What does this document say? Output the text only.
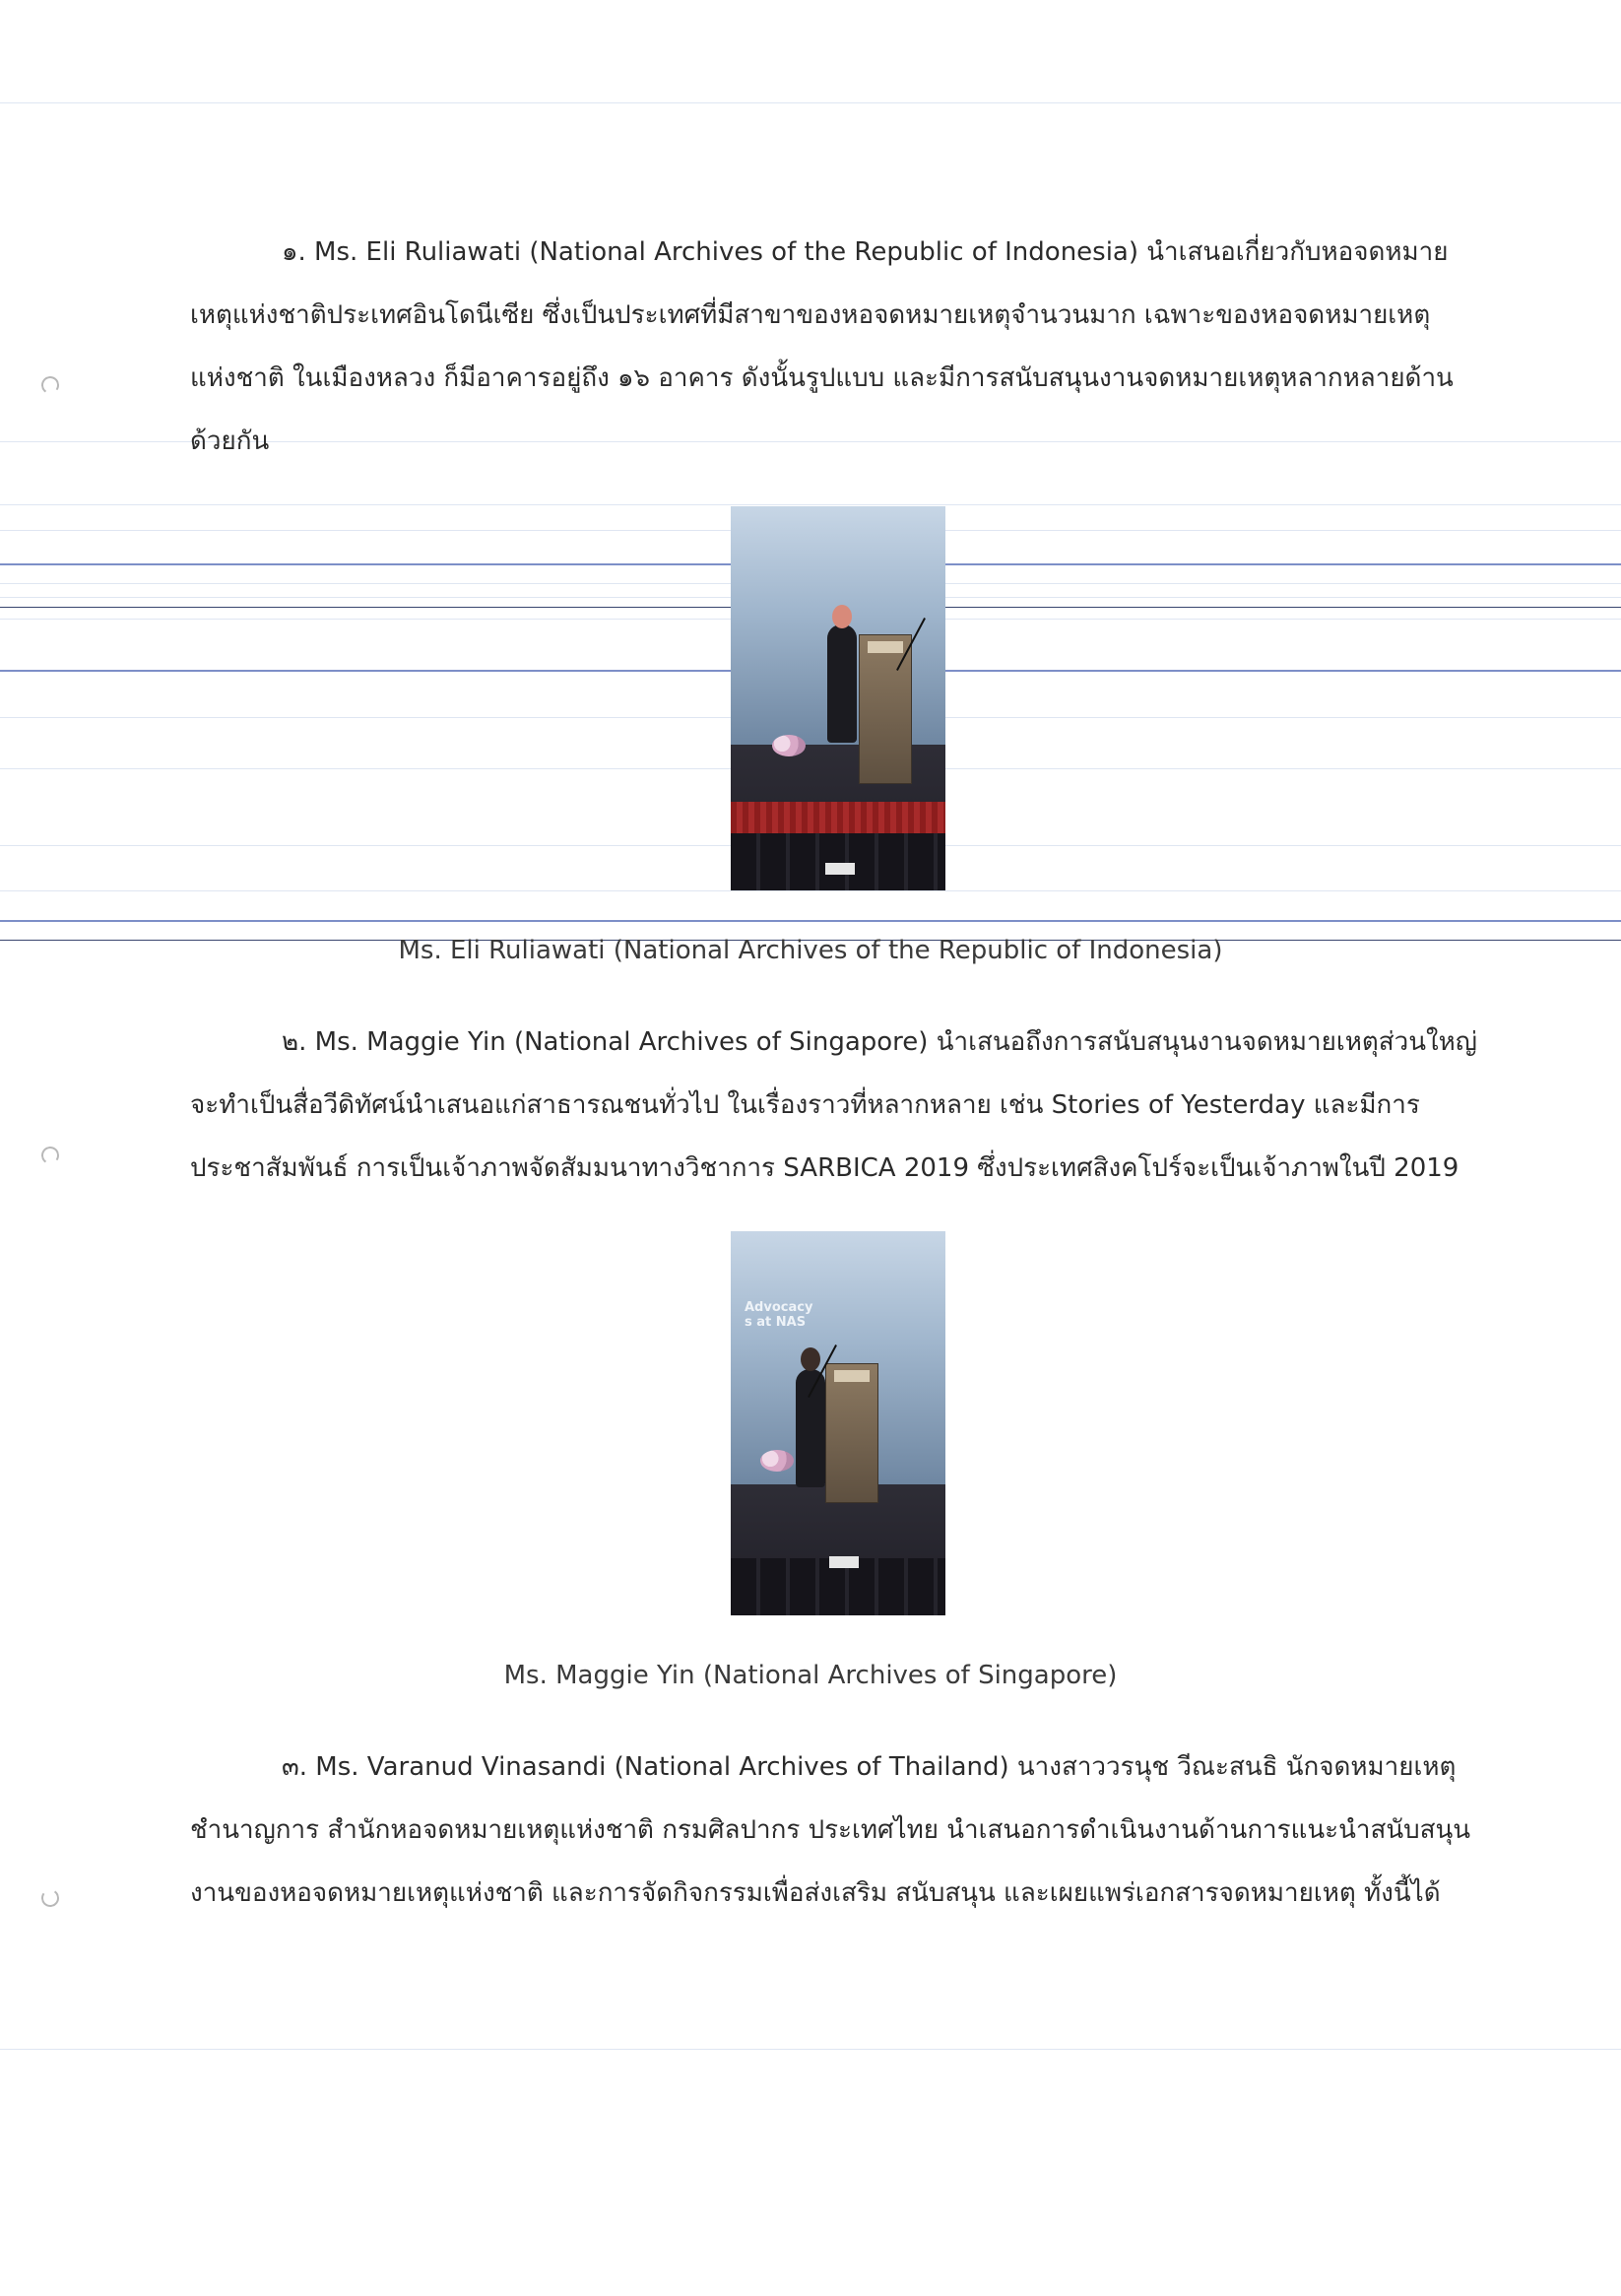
๑. Ms. Eli Ruliawati (National Archives of the Republic of Indonesia) นำเสนอเกี่ยวกับหอจดหมาย
เหตุแห่งชาติประเทศอินโดนีเซีย ซึ่งเป็นประเทศที่มีสาขาของหอจดหมายเหตุจำนวนมาก เฉพาะของหอจดหมายเหตุ
แห่งชาติ ในเมืองหลวง ก็มีอาคารอยู่ถึง ๑๖ อาคาร ดังนั้นรูปแบบ และมีการสนับสนุนงานจดหมายเหตุหลากหลายด้าน
ด้วยกัน
Ms. Eli Ruliawati (National Archives of the Republic of Indonesia)
๒. Ms. Maggie Yin (National Archives of Singapore) นำเสนอถึงการสนับสนุนงานจดหมายเหตุส่วนใหญ่
จะทำเป็นสื่อวีดิทัศน์นำเสนอแก่สาธารณชนทั่วไป ในเรื่องราวที่หลากหลาย เช่น Stories of Yesterday และมีการ
ประชาสัมพันธ์ การเป็นเจ้าภาพจัดสัมมนาทางวิชาการ SARBICA 2019 ซึ่งประเทศสิงคโปร์จะเป็นเจ้าภาพในปี 2019
Advocacy
s at NAS
Ms. Maggie Yin (National Archives of Singapore)
๓. Ms. Varanud Vinasandi (National Archives of Thailand) นางสาววรนุช วีณะสนธิ นักจดหมายเหตุ
ชำนาญการ สำนักหอจดหมายเหตุแห่งชาติ กรมศิลปากร ประเทศไทย นำเสนอการดำเนินงานด้านการแนะนำสนับสนุน
งานของหอจดหมายเหตุแห่งชาติ และการจัดกิจกรรมเพื่อส่งเสริม สนับสนุน และเผยแพร่เอกสารจดหมายเหตุ ทั้งนี้ได้
